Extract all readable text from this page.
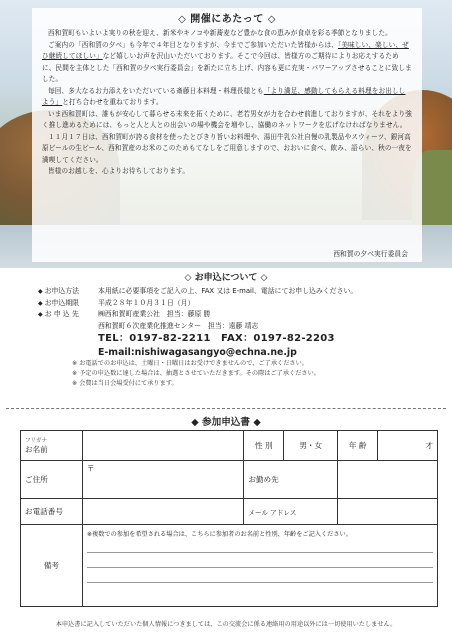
◇ 開催にあたって ◇

西和賀町もいよいよ実りの秋を迎え、新米やキノコや新蕎麦など豊かな食の恵みが食卓を彩る季節となりました。

ご案内の「西和賀の夕べ」も今年で４年目となりますが、今までご参加いただいた皆様からは、「美味しい、楽しい、ぜひ継続してほしい」など嬉しいお声を沢山いただいております。そこで今回は、皆様方のご期待によりお応えするために、民間を主体とした「西和賀の夕べ実行委員会」を新たに立ち上げ、内容も更に充実・パワーアップさせることに致しました。

毎回、多大なるお力添えをいただいている斎藤日本料理・料理長様とも「より満足、感動してもらえる料理をお出ししよう」と打ち合わせを重ねております。

いま西和賀町は、誰もが安心して暮らせる未来を拓くために、老若男女が力を合わせ前進しておりますが、それをより強く推し進めるためには、もっと人と人との出会いの場や機会を増やし、協働のネットワークを広げなければなりません。

１１月１７日は、西和賀町が誇る食材を使ったとびきり旨いお料理や、湯田牛乳公社自慢の乳製品やスウィーツ、銀河高原ビールの生ビール、西和賀産のお米のこのためもてなしをご用意しますので、おおいに食べ、飲み、語らい、秋の一夜を満喫してください。

皆様のお越しを、心よりお待ちしております。

西和賀の夕べ実行委員会
◇ お申込について ◇
◆ お申込方法	本用紙に必要事項をご記入の上、FAX 又は E-mail、電話にてお申し込みください。
◆ お申込期限	平成２８年１０月３１日（月）
◆ お 申 込 先	㈱西和賀町産業公社　担当：藤原 勝
西和賀町６次産業化推進センター　担当：遠藤 靖志
TEL：0197-82-2211　FAX：0197-82-2203
E-mail:nishiwagasangyo@echna.ne.jp
※ お電話でのお申込は、土曜日・日曜日はお受けできませんので、ご了承ください。
※ 予定の申込数に達した場合は、抽選とさせていただきます。その際はご了承ください。
※ 会費は当日会場受付にて承ります。
◆ 参加申込書 ◆
フリガナ
お名前		性 別	男・女	年 齢	才
ご住所	〒	お勤め先			
お電話番号		メール アドレス			
備考	※複数での参加を希望される場合は、こちらに参加者のお名前と性別、年齢をご記入ください。				
本申込書に記入していただいた個人情報につきましては、この交流会に係る連絡用の用途以外には一切使用いたしません。
